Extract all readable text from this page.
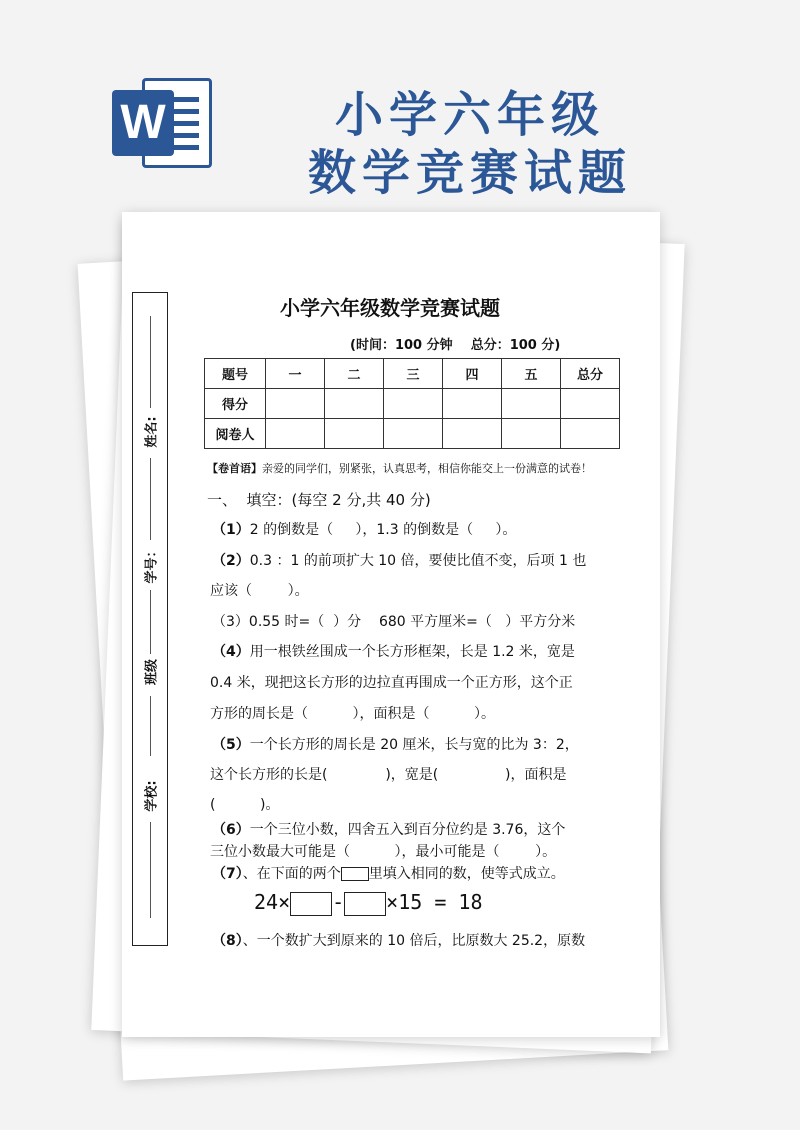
W	小学六年级
数学竞赛试题
姓名:
学号：
班级
学校:
小学六年级数学竞赛试题
(时间：100 分钟    总分：100 分)
题号	一	二	三	四	五	总分
得分						
阅卷人						
【卷首语】亲爱的同学们，别紧张，认真思考，相信你能交上一份满意的试卷！
一、  填空：(每空 2 分,共 40 分)
（1）2 的倒数是（     ），1.3 的倒数是（     ）。
（2）0.3 ：1 的前项扩大 10 倍，要使比值不变，后项 1 也
应该（        ）。
（3）0.55 时=（  ）分    680 平方厘米=（   ）平方分米
（4）用一根铁丝围成一个长方形框架，长是 1.2 米，宽是
0.4 米，现把这长方形的边拉直再围成一个正方形，这个正
方形的周长是（          ），面积是（          ）。
（5）一个长方形的周长是 20 厘米，长与宽的比为 3：2，
这个长方形的长是(             )，宽是(               )，面积是
(          )。
（6）一个三位小数，四舍五入到百分位约是 3.76，这个
三位小数最大可能是（          ），最小可能是（        ）。
（7）、在下面的两个 里填入相同的数，使等式成立。
24× - ×15 = 18
（8）、一个数扩大到原来的 10 倍后，比原数大 25.2，原数
